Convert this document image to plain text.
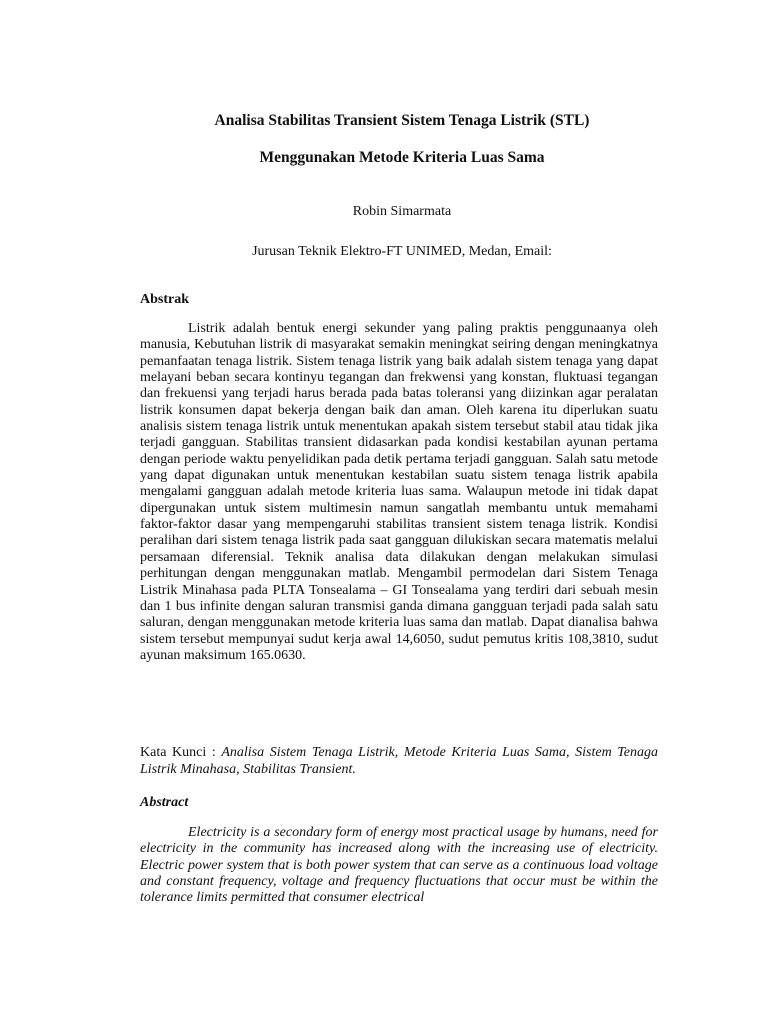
Analisa Stabilitas Transient Sistem Tenaga Listrik (STL)
Menggunakan Metode Kriteria Luas Sama

Robin Simarmata

Jurusan Teknik Elektro-FT UNIMED, Medan, Email:

Abstrak

Listrik adalah bentuk energi sekunder yang paling praktis penggunaanya oleh manusia, Kebutuhan listrik di masyarakat semakin meningkat seiring dengan meningkatnya pemanfaatan tenaga listrik. Sistem tenaga listrik yang baik adalah sistem tenaga yang dapat melayani beban secara kontinyu tegangan dan frekwensi yang konstan, fluktuasi tegangan dan frekuensi yang terjadi harus berada pada batas toleransi yang diizinkan agar peralatan listrik konsumen dapat bekerja dengan baik dan aman. Oleh karena itu diperlukan suatu analisis sistem tenaga listrik untuk menentukan apakah sistem tersebut stabil atau tidak jika terjadi gangguan. Stabilitas transient didasarkan pada kondisi kestabilan ayunan pertama dengan periode waktu penyelidikan pada detik pertama terjadi gangguan. Salah satu metode yang dapat digunakan untuk menentukan kestabilan suatu sistem tenaga listrik apabila mengalami gangguan adalah metode kriteria luas sama. Walaupun metode ini tidak dapat dipergunakan untuk sistem multimesin namun sangatlah membantu untuk memahami faktor-faktor dasar yang mempengaruhi stabilitas transient sistem tenaga listrik. Kondisi peralihan dari sistem tenaga listrik pada saat gangguan dilukiskan secara matematis melalui persamaan diferensial. Teknik analisa data dilakukan dengan melakukan simulasi perhitungan dengan menggunakan matlab. Mengambil permodelan dari Sistem Tenaga Listrik Minahasa pada PLTA Tonsealama – GI Tonsealama yang terdiri dari sebuah mesin dan 1 bus infinite dengan saluran transmisi ganda dimana gangguan terjadi pada salah satu saluran, dengan menggunakan metode kriteria luas sama dan matlab. Dapat dianalisa bahwa sistem tersebut mempunyai sudut kerja awal 14,6050, sudut pemutus kritis 108,3810, sudut ayunan maksimum 165.0630.

Kata Kunci : Analisa Sistem Tenaga Listrik, Metode Kriteria Luas Sama, Sistem Tenaga Listrik Minahasa, Stabilitas Transient.

Abstract

Electricity is a secondary form of energy most practical usage by humans, need for electricity in the community has increased along with the increasing use of electricity. Electric power system that is both power system that can serve as a continuous load voltage and constant frequency, voltage and frequency fluctuations that occur must be within the tolerance limits permitted that consumer electrical
